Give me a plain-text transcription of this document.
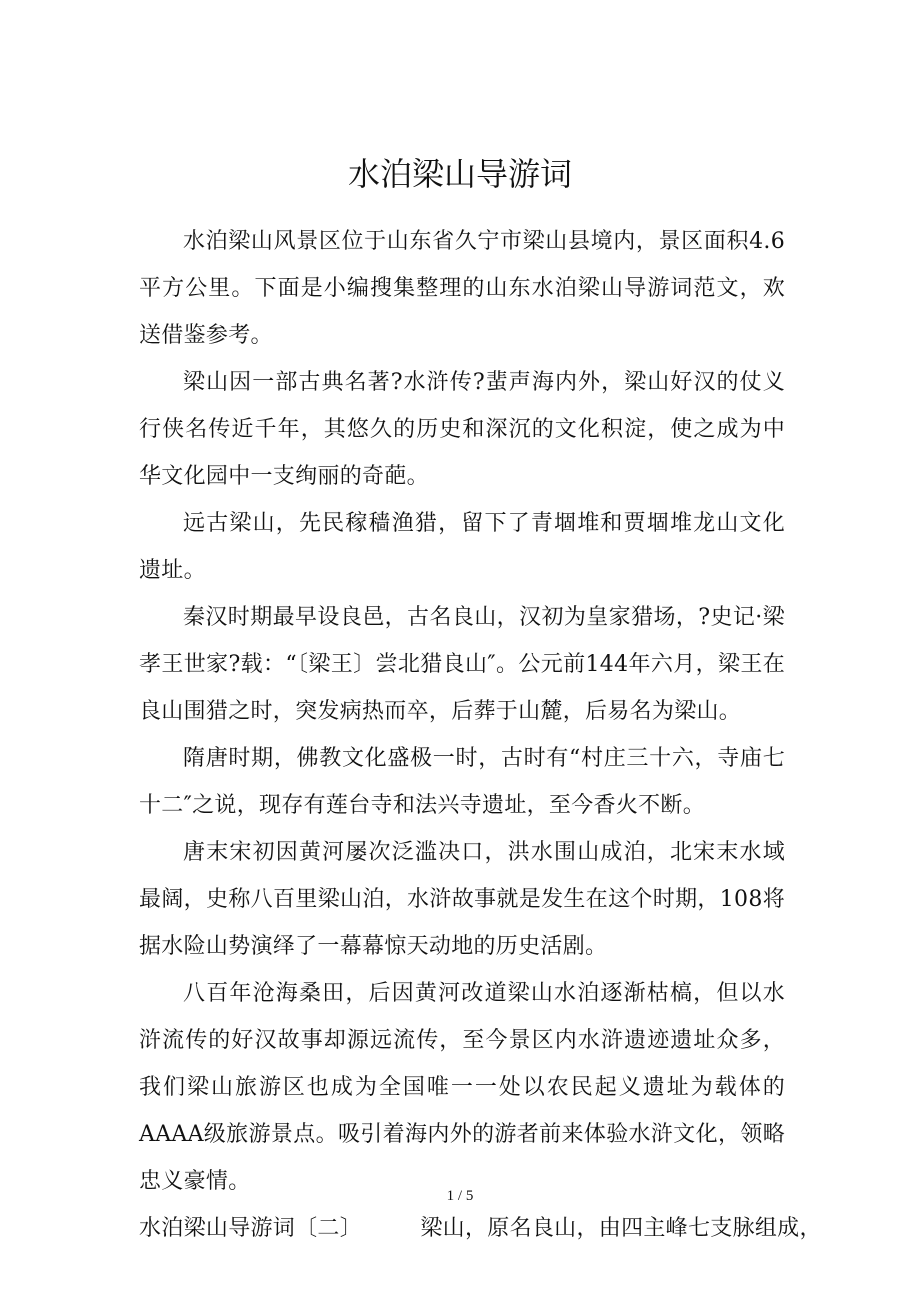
水泊梁山导游词

水泊梁山风景区位于山东省久宁市梁山县境内，景区面积4.6平方公里。下面是小编搜集整理的山东水泊梁山导游词范文，欢送借鉴参考。

梁山因一部古典名著?水浒传?蜚声海内外，梁山好汉的仗义行侠名传近千年，其悠久的历史和深沉的文化积淀，使之成为中华文化园中一支绚丽的奇葩。

远古梁山，先民稼穑渔猎，留下了青堌堆和贾堌堆龙山文化遗址。

秦汉时期最早设良邑，古名良山，汉初为皇家猎场，?史记·梁孝王世家?载：“〔梁王〕尝北猎良山″。公元前144年六月，梁王在良山围猎之时，突发病热而卒，后葬于山麓，后易名为梁山。

隋唐时期，佛教文化盛极一时，古时有“村庄三十六，寺庙七十二″之说，现存有莲台寺和法兴寺遗址，至今香火不断。

唐末宋初因黄河屡次泛滥决口，洪水围山成泊，北宋末水域最阔，史称八百里梁山泊，水浒故事就是发生在这个时期，108将据水险山势演绎了一幕幕惊天动地的历史活剧。

八百年沧海桑田，后因黄河改道梁山水泊逐渐枯槁，但以水浒流传的好汉故事却源远流传，至今景区内水浒遗迹遗址众多，我们梁山旅游区也成为全国唯一一处以农民起义遗址为载体的AAAA级旅游景点。吸引着海内外的游者前来体验水浒文化，领略忠义豪情。

水泊梁山导游词〔二〕	梁山，原名良山，由四主峰七支脉组成，

1 / 5
